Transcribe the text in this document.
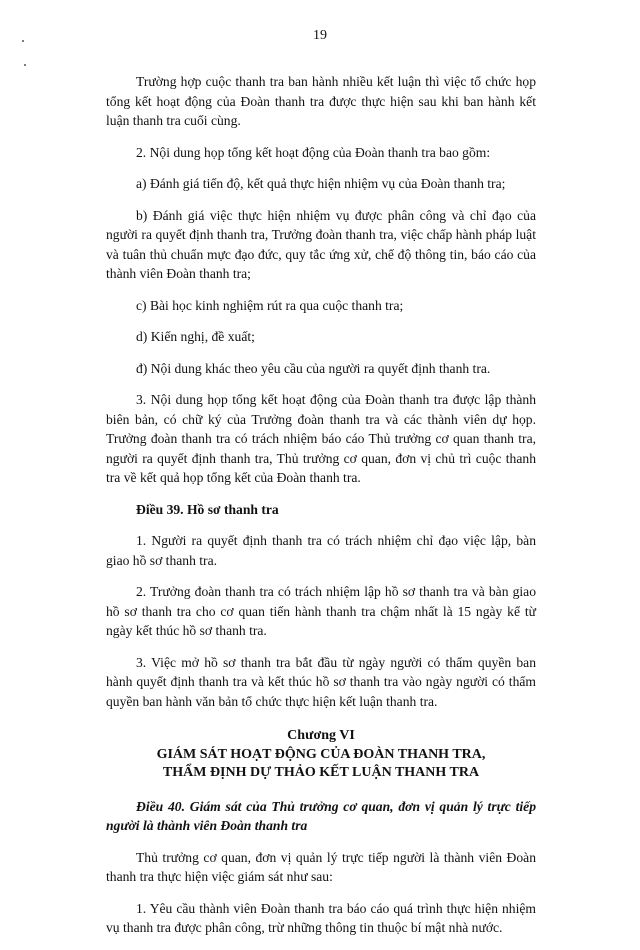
19

Trường hợp cuộc thanh tra ban hành nhiều kết luận thì việc tổ chức họp tổng kết hoạt động của Đoàn thanh tra được thực hiện sau khi ban hành kết luận thanh tra cuối cùng.

2. Nội dung họp tổng kết hoạt động của Đoàn thanh tra bao gồm:

a) Đánh giá tiến độ, kết quả thực hiện nhiệm vụ của Đoàn thanh tra;

b) Đánh giá việc thực hiện nhiệm vụ được phân công và chỉ đạo của người ra quyết định thanh tra, Trưởng đoàn thanh tra, việc chấp hành pháp luật và tuân thủ chuẩn mực đạo đức, quy tắc ứng xử, chế độ thông tin, báo cáo của thành viên Đoàn thanh tra;

c) Bài học kinh nghiệm rút ra qua cuộc thanh tra;

d) Kiến nghị, đề xuất;

đ) Nội dung khác theo yêu cầu của người ra quyết định thanh tra.

3. Nội dung họp tổng kết hoạt động của Đoàn thanh tra được lập thành biên bản, có chữ ký của Trưởng đoàn thanh tra và các thành viên dự họp. Trưởng đoàn thanh tra có trách nhiệm báo cáo Thủ trưởng cơ quan thanh tra, người ra quyết định thanh tra, Thủ trưởng cơ quan, đơn vị chủ trì cuộc thanh tra về kết quả họp tổng kết của Đoàn thanh tra.

Điều 39. Hồ sơ thanh tra

1. Người ra quyết định thanh tra có trách nhiệm chỉ đạo việc lập, bàn giao hồ sơ thanh tra.

2. Trưởng đoàn thanh tra có trách nhiệm lập hồ sơ thanh tra và bàn giao hồ sơ thanh tra cho cơ quan tiến hành thanh tra chậm nhất là 15 ngày kể từ ngày kết thúc hồ sơ thanh tra.

3. Việc mở hồ sơ thanh tra bắt đầu từ ngày người có thẩm quyền ban hành quyết định thanh tra và kết thúc hồ sơ thanh tra vào ngày người có thẩm quyền ban hành văn bản tổ chức thực hiện kết luận thanh tra.

Chương VI
GIÁM SÁT HOẠT ĐỘNG CỦA ĐOÀN THANH TRA,
THẨM ĐỊNH DỰ THẢO KẾT LUẬN THANH TRA

Điều 40. Giám sát của Thủ trưởng cơ quan, đơn vị quản lý trực tiếp người là thành viên Đoàn thanh tra

Thủ trưởng cơ quan, đơn vị quản lý trực tiếp người là thành viên Đoàn thanh tra thực hiện việc giám sát như sau:

1. Yêu cầu thành viên Đoàn thanh tra báo cáo quá trình thực hiện nhiệm vụ thanh tra được phân công, trừ những thông tin thuộc bí mật nhà nước.
